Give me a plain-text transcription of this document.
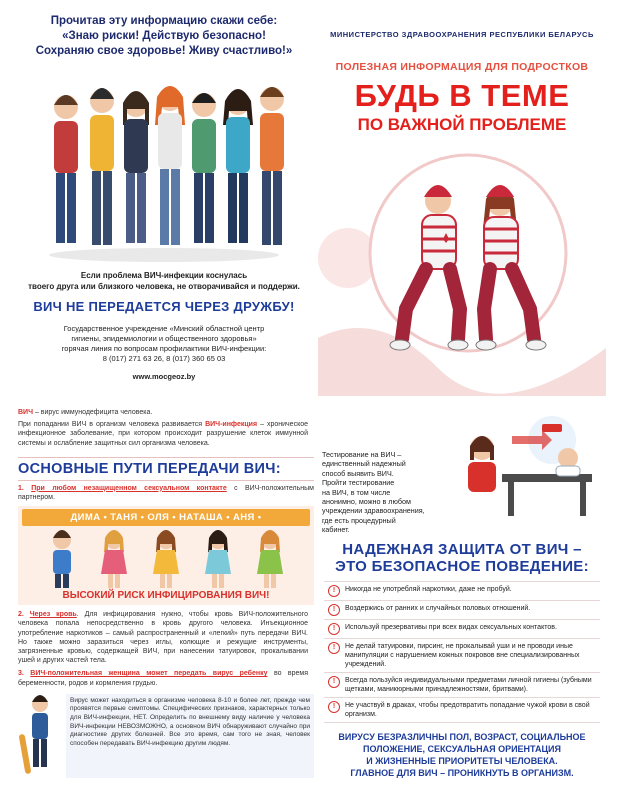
Прочитав эту информацию скажи себе:
«Знаю риски! Действую безопасно!
Сохраняю свое здоровье! Живу счастливо!»
Если проблема ВИЧ-инфекции коснулась
твоего друга или близкого человека, не отворачивайся и поддержи.
ВИЧ НЕ ПЕРЕДАЕТСЯ ЧЕРЕЗ ДРУЖБУ!
Государственное учреждение «Минский областной центр
гигиены, эпидемиологии и общественного здоровья»
горячая линия по вопросам профилактики ВИЧ-инфекции:
8 (017) 271 63 26, 8 (017) 360 65 03
www.mocgeoz.by
МИНИСТЕРСТВО ЗДРАВООХРАНЕНИЯ РЕСПУБЛИКИ БЕЛАРУСЬ
ПОЛЕЗНАЯ ИНФОРМАЦИЯ ДЛЯ ПОДРОСТКОВ
БУДЬ В ТЕМЕ
ПО ВАЖНОЙ ПРОБЛЕМЕ
ВИЧ – вирус иммунодефицита человека.
При попадании ВИЧ в организм человека развивается ВИЧ-инфекция – хроническое инфекционное заболевание, при котором происходит разрушение клеток иммунной системы и ослабление защитных сил организма человека.
ОСНОВНЫЕ ПУТИ ПЕРЕДАЧИ ВИЧ:
1. При любом незащищенном сексуальном контакте с ВИЧ-положительным партнером.
ДИМА • ТАНЯ • ОЛЯ • НАТАША • АНЯ •
ВЫСОКИЙ РИСК ИНФИЦИРОВАНИЯ ВИЧ!
2. Через кровь. Для инфицирования нужно, чтобы кровь ВИЧ-положительного человека попала непосредственно в кровь другого человека. Инъекционное употребление наркотиков – самый распространенный и «легкий» путь передачи ВИЧ. Но также можно заразиться через иглы, колющие и режущие инструменты, загрязненные кровью, содержащей ВИЧ, при нанесении татуировок, прокалывании ушей и других частей тела.
3. ВИЧ-положительная женщина может передать вирус ребенку во время беременности, родов и кормления грудью.
Вирус может находиться в организме человека 8-10 и более лет, прежде чем проявятся первые симптомы. Специфических признаков, характерных только для ВИЧ-инфекции, НЕТ. Определить по внешнему виду наличие у человека ВИЧ-инфекции НЕВОЗМОЖНО, а основном ВИЧ обнаруживают случайно при диагностике других болезней. Все это время, сам того не зная, человек способен передавать ВИЧ-инфекцию другим людям.
Тестирование на ВИЧ –
единственный надежный
способ выявить ВИЧ.
Пройти тестирование
на ВИЧ, в том числе
анонимно, можно в любом
учреждении здравоохранения,
где есть процедурный
кабинет.
НАДЕЖНАЯ ЗАЩИТА ОТ ВИЧ –
ЭТО БЕЗОПАСНОЕ ПОВЕДЕНИЕ:
!	Никогда не употребляй наркотики, даже не пробуй.
!	Воздержись от ранних и случайных половых отношений.
!	Используй презервативы при всех видах сексуальных контактов.
!	Не делай татуировки, пирсинг, не прокалывай уши и не проводи иные манипуляции с нарушением кожных покровов вне специализированных учреждений.
!	Всегда пользуйся индивидуальными предметами личной гигиены (зубными щетками, маникюрными принадлежностями, бритвами).
!	Не участвуй в драках, чтобы предотвратить попадание чужой крови в свой организм.
ВИРУСУ БЕЗРАЗЛИЧНЫ ПОЛ, ВОЗРАСТ, СОЦИАЛЬНОЕ
ПОЛОЖЕНИЕ, СЕКСУАЛЬНАЯ ОРИЕНТАЦИЯ
И ЖИЗНЕННЫЕ ПРИОРИТЕТЫ ЧЕЛОВЕКА.
ГЛАВНОЕ ДЛЯ ВИЧ – ПРОНИКНУТЬ В ОРГАНИЗМ.
